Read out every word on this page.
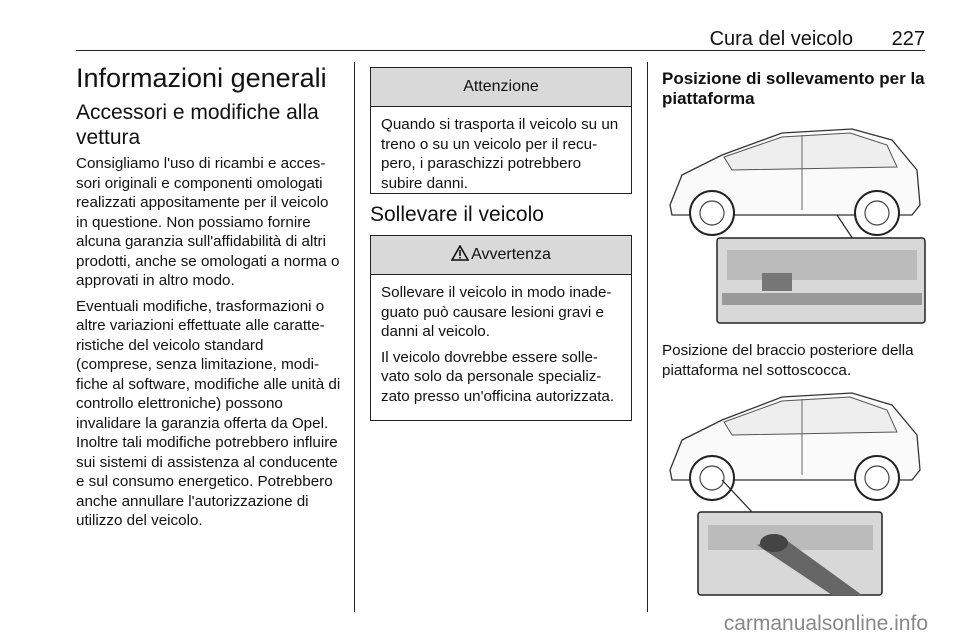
Cura del veicolo 227
Informazioni generali
Accessori e modifiche alla vettura

Consigliamo l'uso di ricambi e accessori originali e componenti omologati realizzati appositamente per il veicolo in questione. Non possiamo fornire alcuna garanzia sull'affidabilità di altri prodotti, anche se omologati a norma o approvati in altro modo.

Eventuali modifiche, trasformazioni o altre variazioni effettuate alle caratteristiche del veicolo standard (comprese, senza limitazione, modifiche al software, modifiche alle unità di controllo elettroniche) possono invalidare la garanzia offerta da Opel. Inoltre tali modifiche potrebbero influire sui sistemi di assistenza al conducente e sul consumo energetico. Potrebbero anche annullare l'autorizzazione di utilizzo del veicolo.

Attenzione

Quando si trasporta il veicolo su un treno o su un veicolo per il recupero, i paraschizzi potrebbero subire danni.

Sollevare il veicolo
Avvertenza

Sollevare il veicolo in modo inadeguato può causare lesioni gravi e danni al veicolo.

Il veicolo dovrebbe essere sollevato solo da personale specializzato presso un'officina autorizzata.

Posizione di sollevamento per la piattaforma

Posizione del braccio posteriore della piattaforma nel sottoscocca.

carmanualsonline.info
